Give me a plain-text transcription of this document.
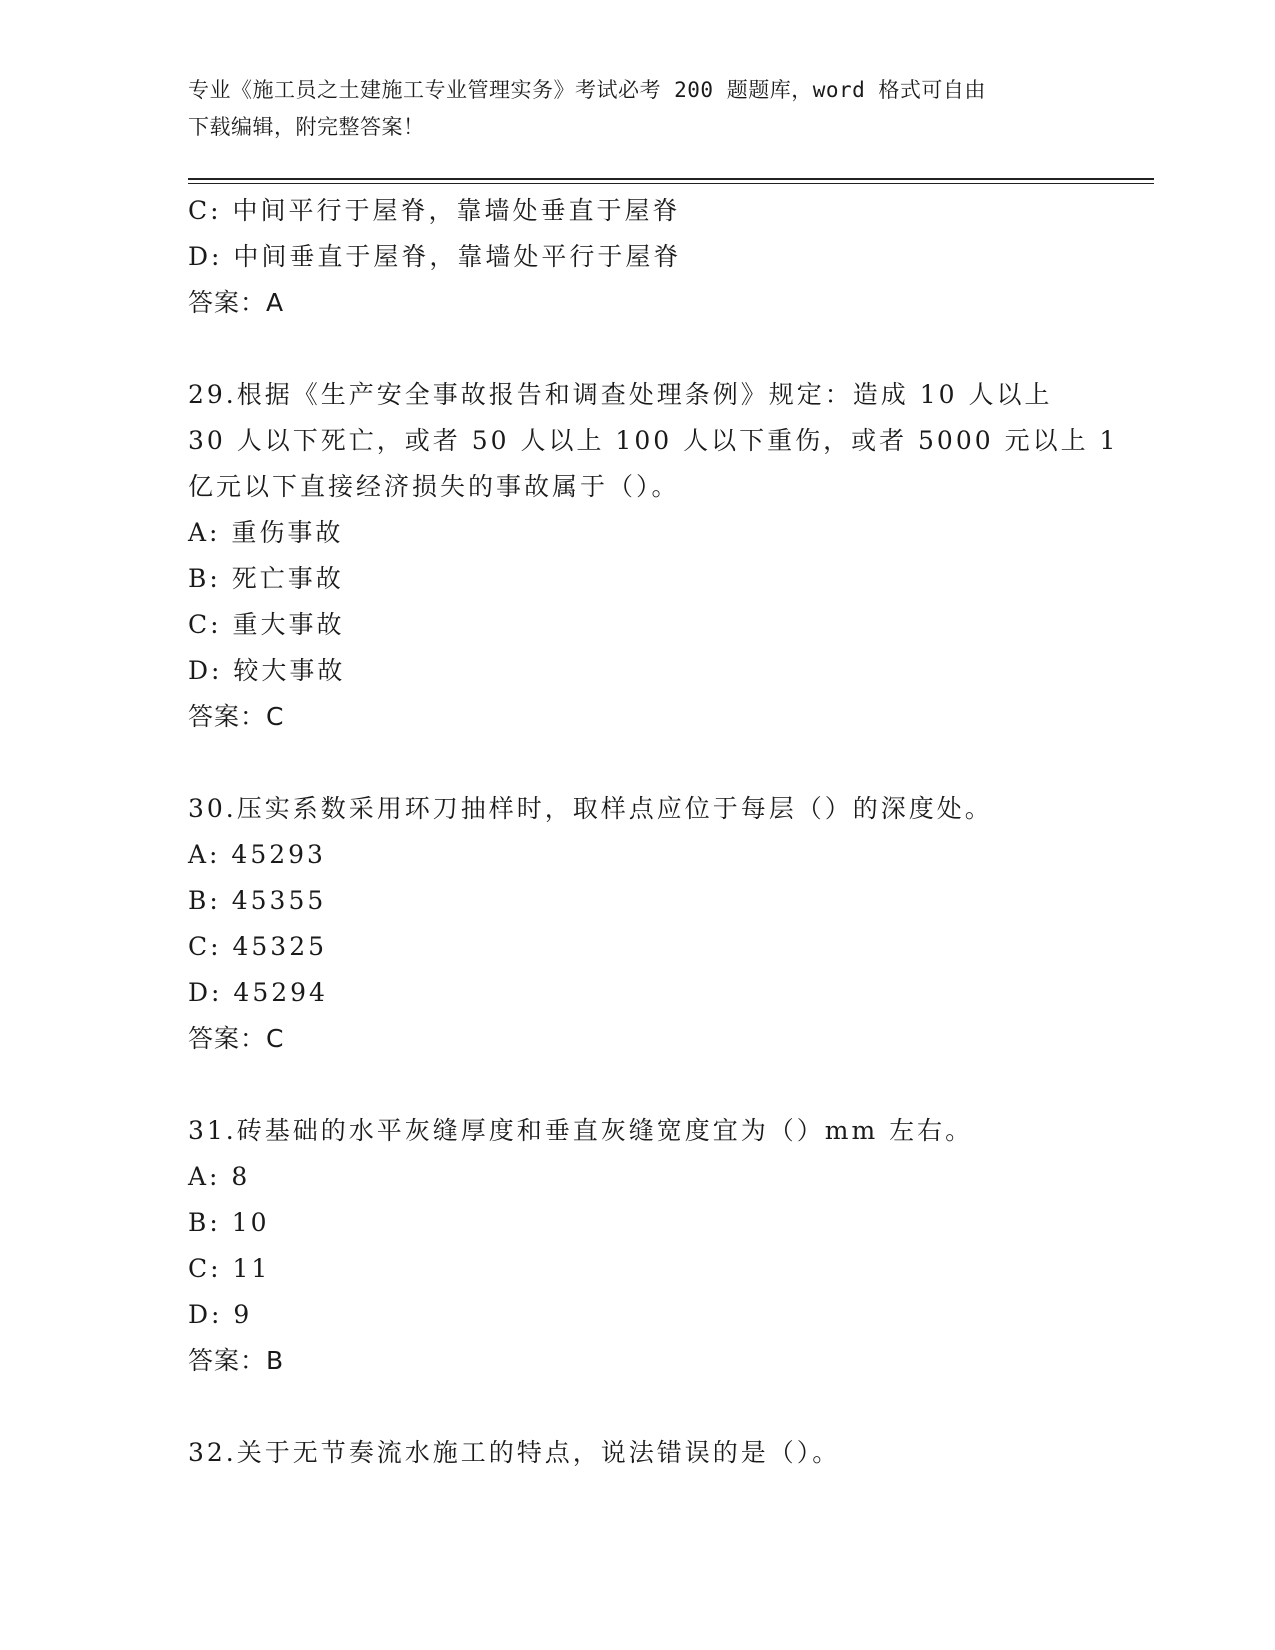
专业《施工员之土建施工专业管理实务》考试必考 200 题题库，word 格式可自由
下载编辑，附完整答案！
C: 中间平行于屋脊，靠墙处垂直于屋脊
D: 中间垂直于屋脊，靠墙处平行于屋脊
答案：A
29.根据《生产安全事故报告和调查处理条例》规定：造成 10 人以上
30 人以下死亡，或者 50 人以上 100 人以下重伤，或者 5000 元以上 1
亿元以下直接经济损失的事故属于（）。
A: 重伤事故
B: 死亡事故
C: 重大事故
D: 较大事故
答案：C
30.压实系数采用环刀抽样时，取样点应位于每层（）的深度处。
A: 45293
B: 45355
C: 45325
D: 45294
答案：C
31.砖基础的水平灰缝厚度和垂直灰缝宽度宜为（）mm 左右。
A: 8
B: 10
C: 11
D: 9
答案：B
32.关于无节奏流水施工的特点，说法错误的是（）。
